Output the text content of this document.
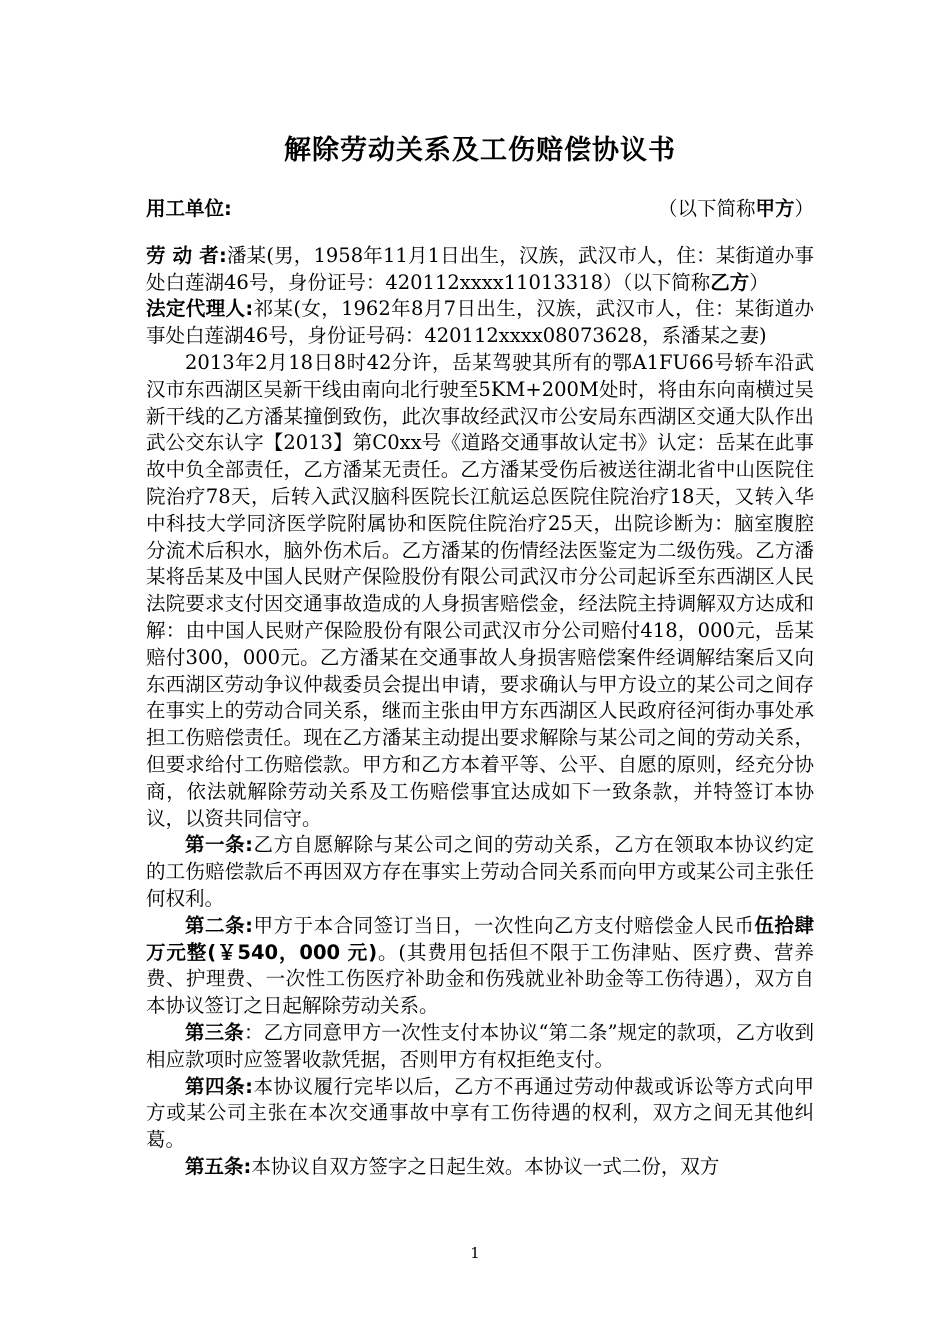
解除劳动关系及工伤赔偿协议书

用工单位:	（以下简称甲方）

劳 动 者:潘某(男，1958年11月1日出生，汉族，武汉市人，住：某街道办事处白莲湖46号，身份证号：420112xxxx11013318）（以下简称乙方）

法定代理人:祁某(女，1962年8月7日出生，汉族，武汉市人，住：某街道办事处白莲湖46号，身份证号码：420112xxxx08073628，系潘某之妻)

2013年2月18日8时42分许，岳某驾驶其所有的鄂A1FU66号轿车沿武汉市东西湖区吴新干线由南向北行驶至5KM+200M处时，将由东向南横过吴新干线的乙方潘某撞倒致伤，此次事故经武汉市公安局东西湖区交通大队作出武公交东认字【2013】第C0xx号《道路交通事故认定书》认定：岳某在此事故中负全部责任，乙方潘某无责任。乙方潘某受伤后被送往湖北省中山医院住院治疗78天，后转入武汉脑科医院长江航运总医院住院治疗18天，又转入华中科技大学同济医学院附属协和医院住院治疗25天，出院诊断为：脑室腹腔分流术后积水，脑外伤术后。乙方潘某的伤情经法医鉴定为二级伤残。乙方潘某将岳某及中国人民财产保险股份有限公司武汉市分公司起诉至东西湖区人民法院要求支付因交通事故造成的人身损害赔偿金，经法院主持调解双方达成和解：由中国人民财产保险股份有限公司武汉市分公司赔付418，000元，岳某赔付300，000元。乙方潘某在交通事故人身损害赔偿案件经调解结案后又向东西湖区劳动争议仲裁委员会提出申请，要求确认与甲方设立的某公司之间存在事实上的劳动合同关系，继而主张由甲方东西湖区人民政府径河街办事处承担工伤赔偿责任。现在乙方潘某主动提出要求解除与某公司之间的劳动关系，但要求给付工伤赔偿款。甲方和乙方本着平等、公平、自愿的原则，经充分协商，依法就解除劳动关系及工伤赔偿事宜达成如下一致条款，并特签订本协议，以资共同信守。

第一条:乙方自愿解除与某公司之间的劳动关系，乙方在领取本协议约定的工伤赔偿款后不再因双方存在事实上劳动合同关系而向甲方或某公司主张任何权利。

第二条:甲方于本合同签订当日，一次性向乙方支付赔偿金人民币伍拾肆万元整(￥540，000 元)。(其费用包括但不限于工伤津贴、医疗费、营养费、护理费、一次性工伤医疗补助金和伤残就业补助金等工伤待遇），双方自本协议签订之日起解除劳动关系。

第三条：乙方同意甲方一次性支付本协议“第二条”规定的款项，乙方收到相应款项时应签署收款凭据，否则甲方有权拒绝支付。

第四条:本协议履行完毕以后，乙方不再通过劳动仲裁或诉讼等方式向甲方或某公司主张在本次交通事故中享有工伤待遇的权利，双方之间无其他纠葛。

第五条:本协议自双方签字之日起生效。本协议一式二份，双方

1
